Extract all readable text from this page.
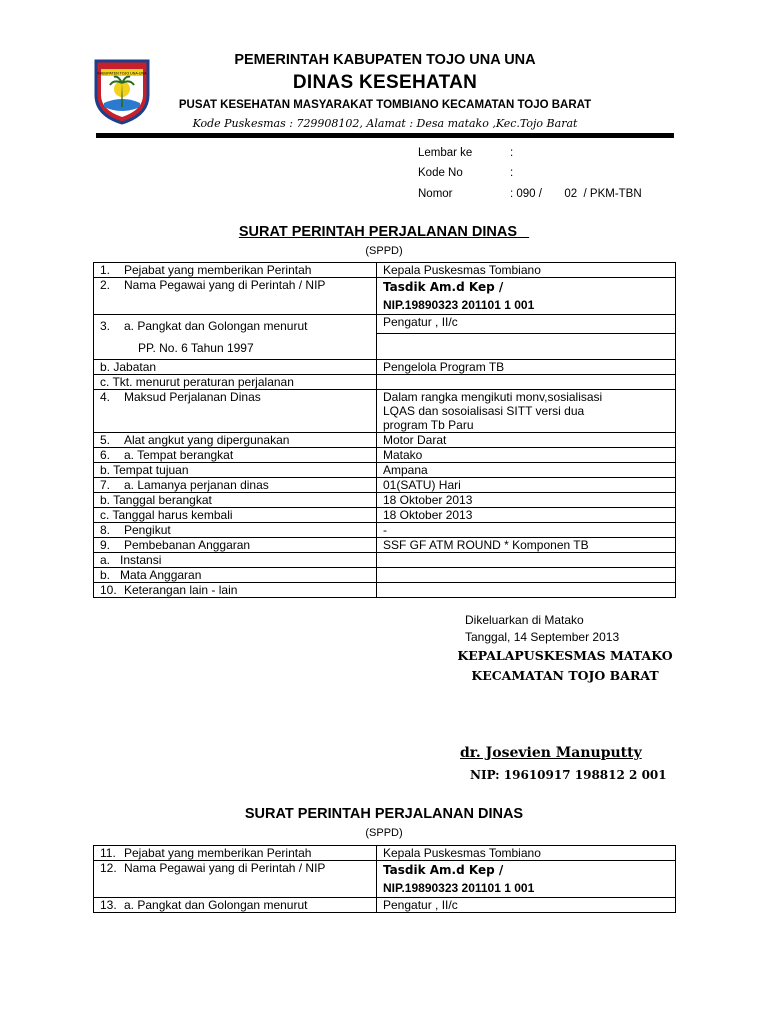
KABUPATEN TOJO UNA-UNA
PEMERINTAH KABUPATEN TOJO UNA UNA
DINAS KESEHATAN
PUSAT KESEHATAN MASYARAKAT TOMBIANO KECAMATAN TOJO BARAT
Kode Puskesmas : 729908102, Alamat : Desa matako ,Kec.Tojo Barat
Lembar ke	:
Kode No	:
Nomor	: 090 /       02  / PKM-TBN
SURAT PERINTAH PERJALANAN DINAS
(SPPD)
1. Pejabat yang memberikan Perintah	Kepala Puskesmas Tombiano
2. Nama Pegawai yang di Perintah / NIP	Tasdik Am.d Kep /
NIP.19890323 201101 1 001

3. a. Pangkat dan Golongan menurut
PP. No. 6 Tahun 1997	Pengatur , II/c

b. Jabatan	Pengelola Program TB
c. Tkt. menurut peraturan perjalanan	
4. Maksud Perjalanan Dinas	Dalam rangka mengikuti monv,sosialisasi
LQAS dan sosoialisasi SITT versi dua
program Tb Paru

5. Alat angkut yang dipergunakan	Motor Darat
6. a. Tempat berangkat	Matako
b. Tempat tujuan	Ampana
7. a. Lamanya perjanan dinas	01(SATU) Hari
b. Tanggal berangkat	18 Oktober 2013
c. Tanggal harus kembali	18 Oktober 2013
8. Pengikut	-
9. Pembebanan Anggaran	SSF GF ATM ROUND * Komponen TB
a.   Instansi	
b.   Mata Anggaran	
10. Keterangan lain - lain	
Dikeluarkan di Matako
Tanggal, 14 September 2013
KEPALAPUSKESMAS MATAKO
KECAMATAN TOJO BARAT
dr. Josevien Manuputty
NIP: 19610917 198812 2 001
SURAT PERINTAH PERJALANAN DINAS
(SPPD)
11. Pejabat yang memberikan Perintah	Kepala Puskesmas Tombiano
12. Nama Pegawai yang di Perintah / NIP	Tasdik Am.d Kep /
NIP.19890323 201101 1 001

13. a. Pangkat dan Golongan menurut	Pengatur , II/c
